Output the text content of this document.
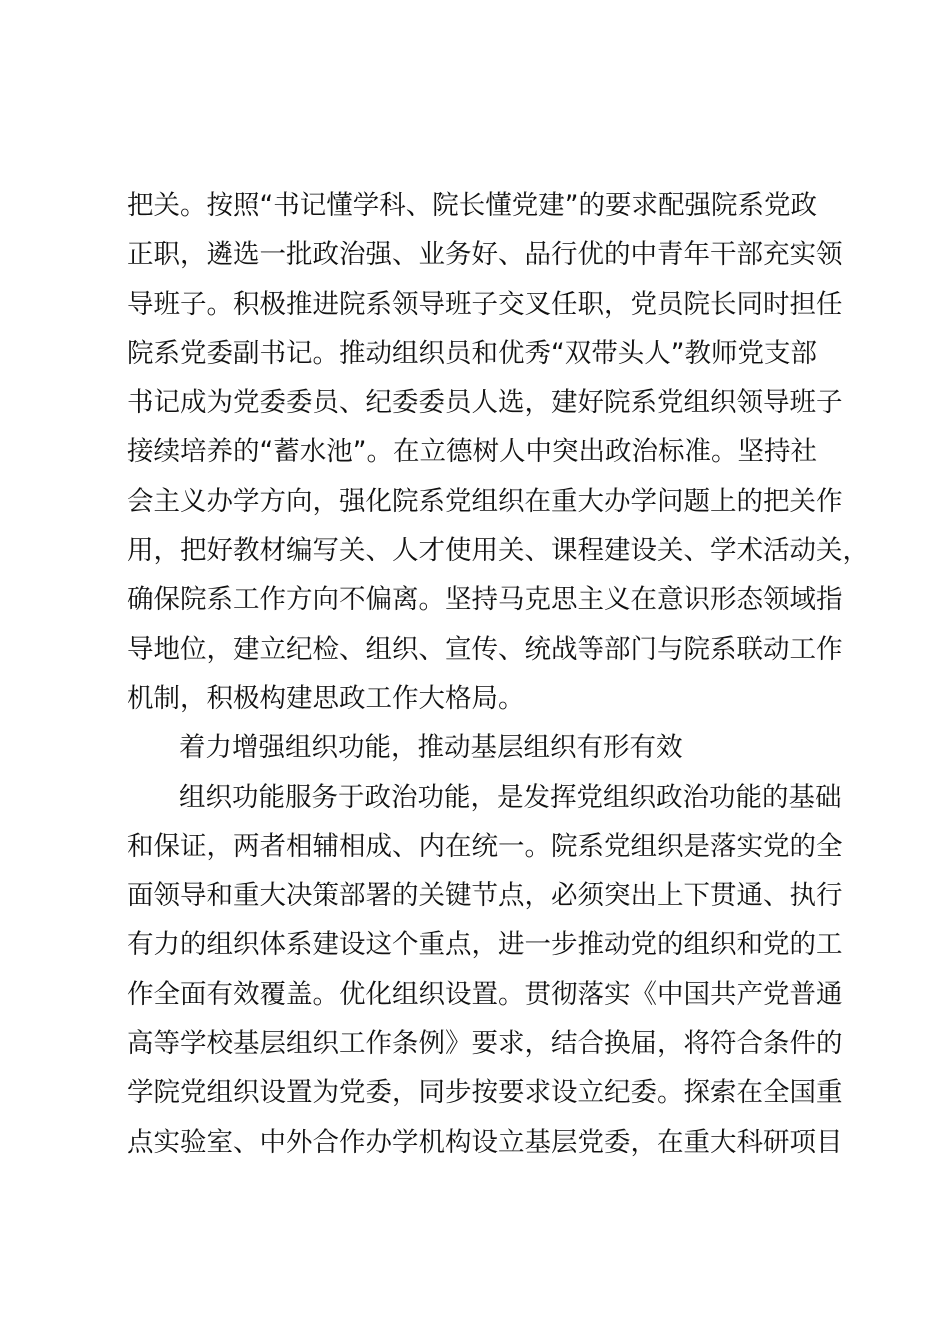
把关。按照“书记懂学科、院长懂党建”的要求配强院系党政
正职，遴选一批政治强、业务好、品行优的中青年干部充实领
导班子。积极推进院系领导班子交叉任职，党员院长同时担任
院系党委副书记。推动组织员和优秀“双带头人”教师党支部
书记成为党委委员、纪委委员人选，建好院系党组织领导班子
接续培养的“蓄水池”。在立德树人中突出政治标准。坚持社
会主义办学方向，强化院系党组织在重大办学问题上的把关作
用，把好教材编写关、人才使用关、课程建设关、学术活动关，
确保院系工作方向不偏离。坚持马克思主义在意识形态领域指
导地位，建立纪检、组织、宣传、统战等部门与院系联动工作
机制，积极构建思政工作大格局。
着力增强组织功能，推动基层组织有形有效
组织功能服务于政治功能，是发挥党组织政治功能的基础
和保证，两者相辅相成、内在统一。院系党组织是落实党的全
面领导和重大决策部署的关键节点，必须突出上下贯通、执行
有力的组织体系建设这个重点，进一步推动党的组织和党的工
作全面有效覆盖。优化组织设置。贯彻落实《中国共产党普通
高等学校基层组织工作条例》要求，结合换届，将符合条件的
学院党组织设置为党委，同步按要求设立纪委。探索在全国重
点实验室、中外合作办学机构设立基层党委，在重大科研项目
